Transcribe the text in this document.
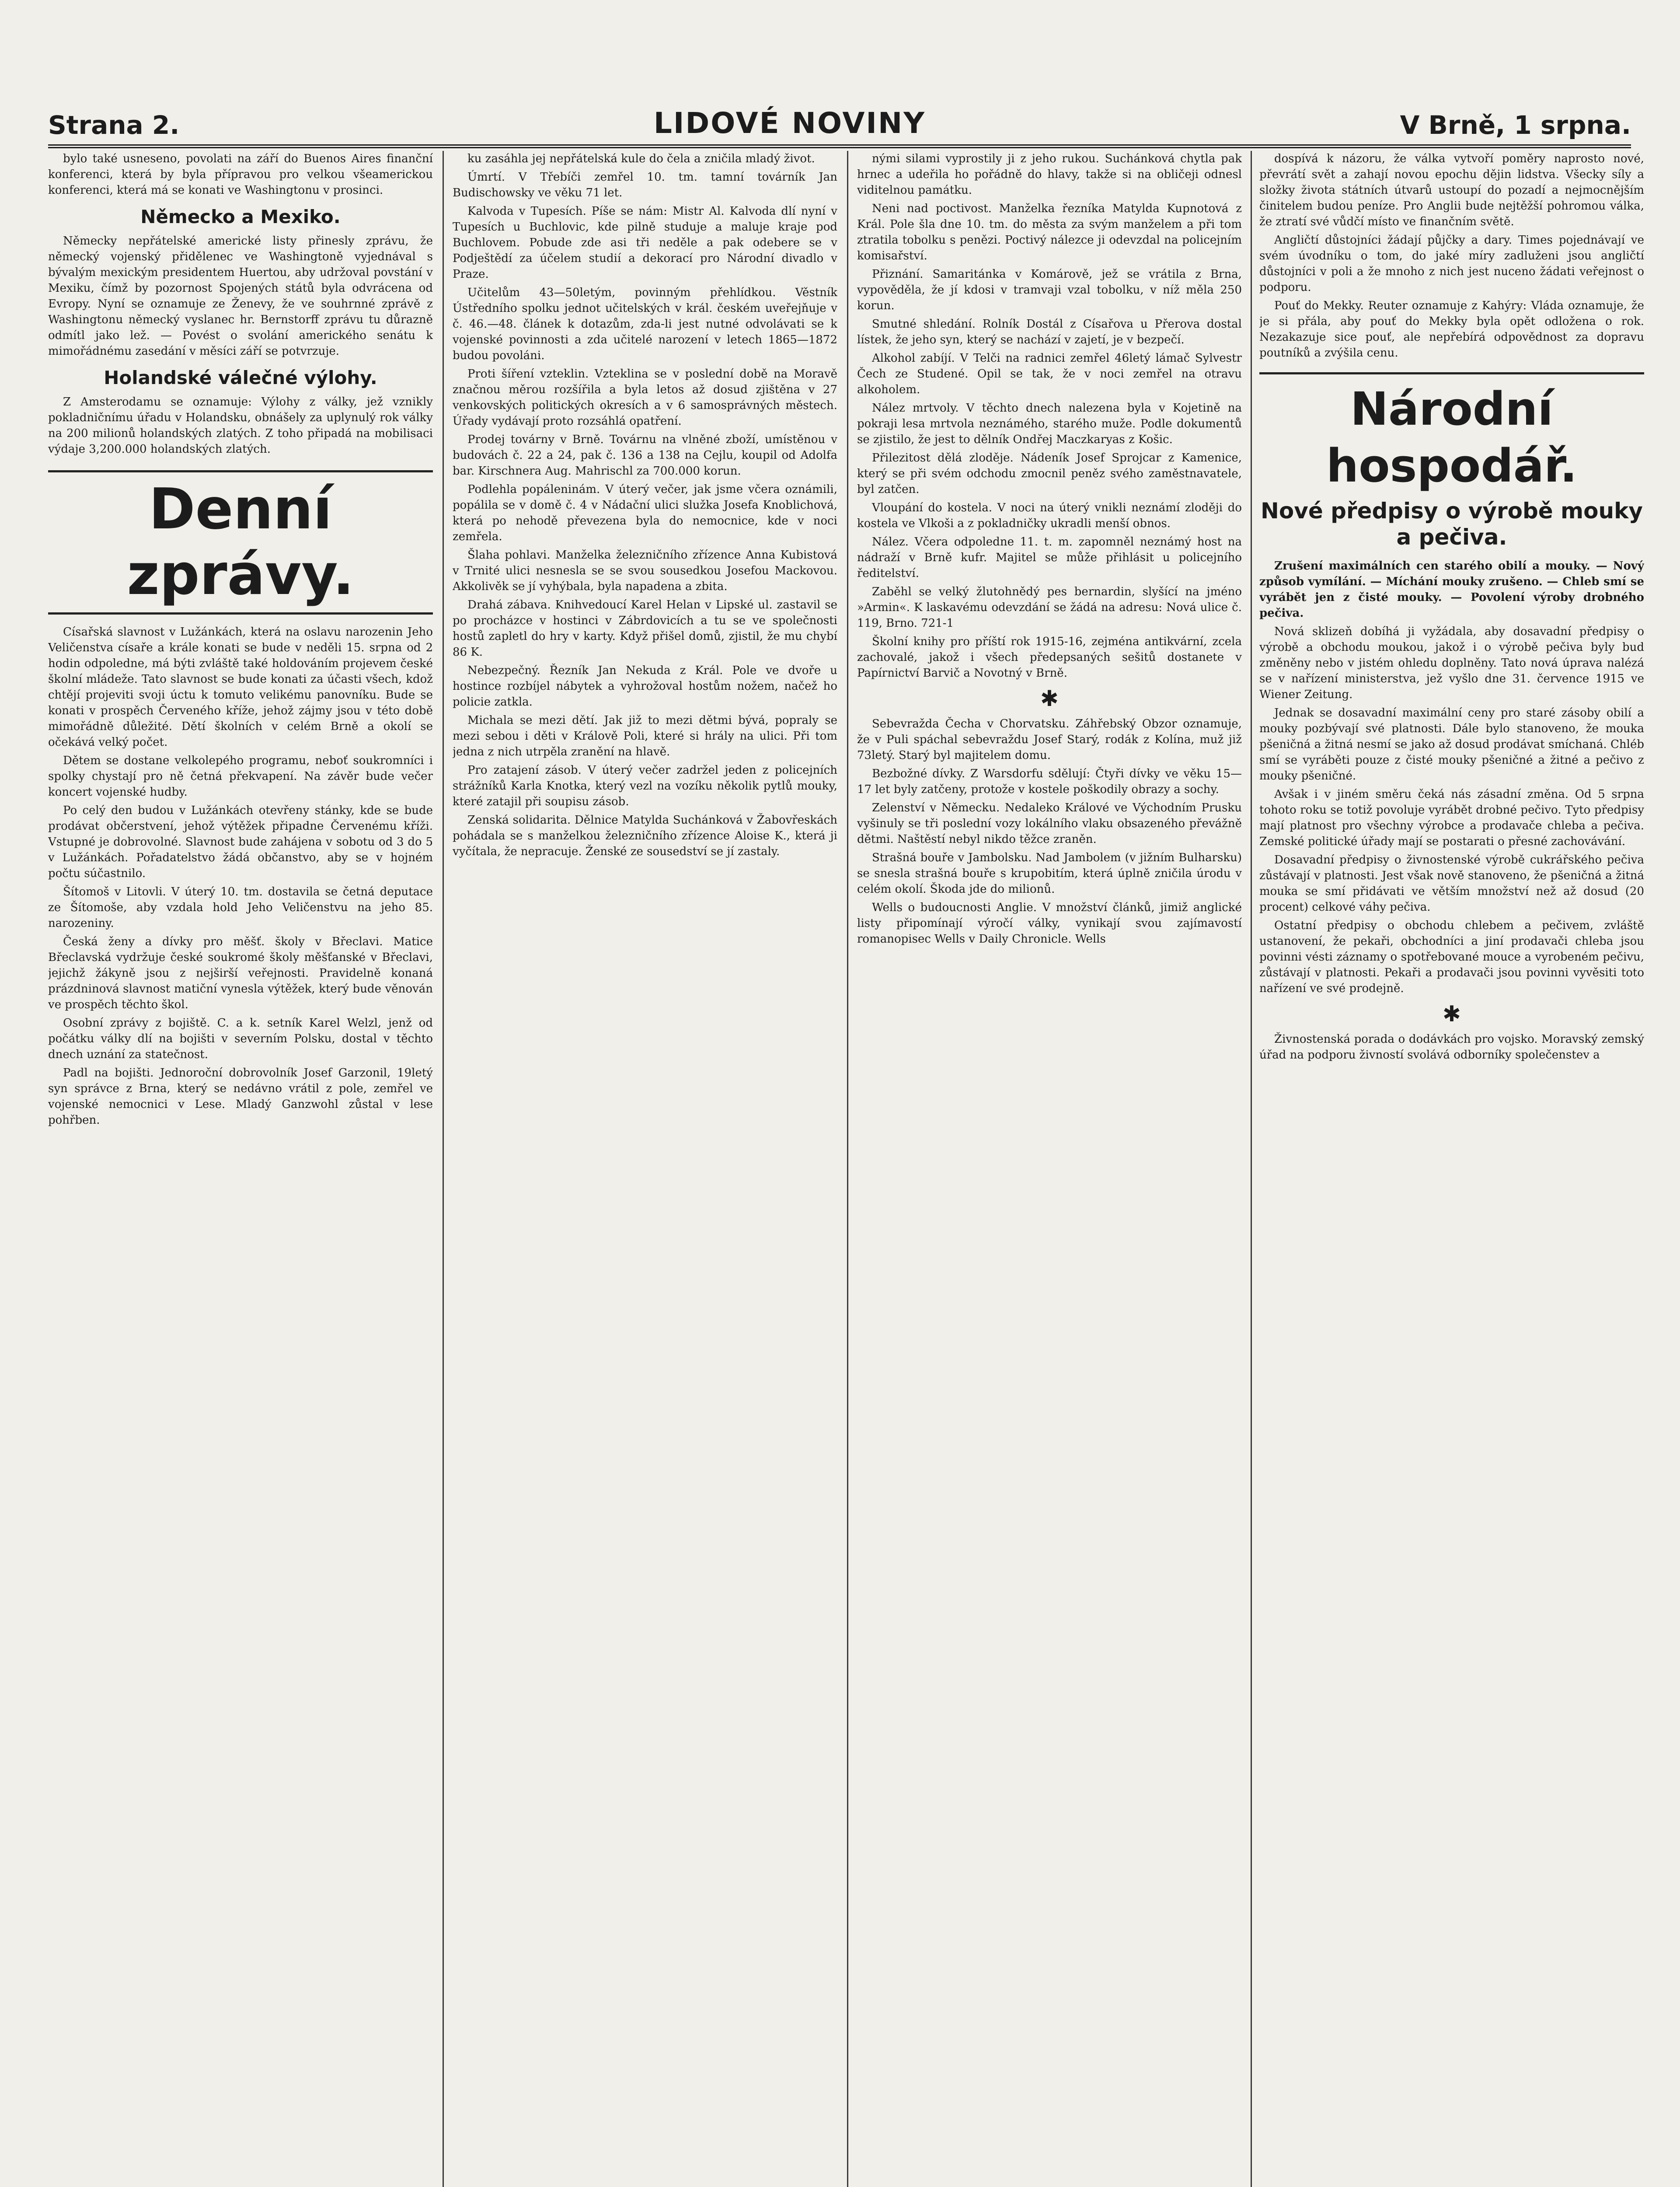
Strana 2.	LIDOVÉ NOVINY	V Brně, 1 srpna.

bylo také usneseno, povolati na září do Buenos Aires finanční konferenci, která by byla přípravou pro velkou všeamerickou konferenci, která má se konati ve Washingtonu v prosinci.

Německo a Mexiko.

Německy nepřátelské americké listy přinesly zprávu, že německý vojenský přidělenec ve Washingtoně vyjednával s bývalým mexickým presidentem Huertou, aby udržoval povstání v Mexiku, čímž by pozornost Spojených států byla odvrácena od Evropy. Nyní se oznamuje ze Ženevy, že ve souhrnné zprávě z Washingtonu německý vyslanec hr. Bernstorff zprávu tu důrazně odmítl jako lež. — Povést o svolání amerického senátu k mimořádnému zasedání v měsíci září se potvrzuje.

Holandské válečné výlohy.

Z Amsterodamu se oznamuje: Výlohy z války, jež vznikly pokladničnímu úřadu v Holandsku, obnášely za uplynulý rok války na 200 milionů holandských zlatých. Z toho připadá na mobilisaci výdaje 3,200.000 holandských zlatých.

Denní zprávy.

Císařská slavnost v Lužánkách, která na oslavu narozenin Jeho Veličenstva císaře a krále konati se bude v neděli 15. srpna od 2 hodin odpoledne, má býti zvláště také holdováním projevem české školní mládeže. Tato slavnost se bude konati za účasti všech, kdož chtějí projeviti svoji úctu k tomuto velikému panovníku. Bude se konati v prospěch Červeného kříže, jehož zájmy jsou v této době mimořádně důležité. Dětí školních v celém Brně a okolí se očekává velký počet.

Dětem se dostane velkolepého programu, neboť soukromníci i spolky chystají pro ně četná překvapení. Na závěr bude večer koncert vojenské hudby.

Po celý den budou v Lužánkách otevřeny stánky, kde se bude prodávat občerstvení, jehož výtěžek připadne Červenému kříži. Vstupné je dobrovolné. Slavnost bude zahájena v sobotu od 3 do 5 v Lužánkách. Pořadatelstvo žádá občanstvo, aby se v hojném počtu súčastnilo.

Šítomoš v Litovli. V úterý 10. tm. dostavila se četná deputace ze Šítomoše, aby vzdala hold Jeho Veličenstvu na jeho 85. narozeniny.

Česká ženy a dívky pro měšť. školy v Břeclavi. Matice Břeclavská vydržuje české soukromé školy měšťanské v Břeclavi, jejichž žákyně jsou z nejširší veřejnosti. Pravidelně konaná prázdninová slavnost matiční vynesla výtěžek, který bude věnován ve prospěch těchto škol.

Osobní zprávy z bojiště. C. a k. setník Karel Welzl, jenž od počátku války dlí na bojišti v severním Polsku, dostal v těchto dnech uznání za statečnost.

Padl na bojišti. Jednoroční dobrovolník Josef Garzonil, 19letý syn správce z Brna, který se nedávno vrátil z pole, zemřel ve vojenské nemocnici v Lese. Mladý Ganzwohl zůstal v lese pohřben.

ku zasáhla jej nepřátelská kule do čela a zničila mladý život.

Úmrtí. V Třebíči zemřel 10. tm. tamní továrník Jan Budischowsky ve věku 71 let.

Kalvoda v Tupesích. Píše se nám: Mistr Al. Kalvoda dlí nyní v Tupesích u Buchlovic, kde pilně studuje a maluje kraje pod Buchlovem. Pobude zde asi tři neděle a pak odebere se v Podještědí za účelem studií a dekorací pro Národní divadlo v Praze.

Učitelům 43—50letým, povinným přehlídkou. Věstník Ústředního spolku jednot učitelských v král. českém uveřejňuje v č. 46.—48. článek k dotazům, zda-li jest nutné odvolávati se k vojenské povinnosti a zda učitelé narození v letech 1865—1872 budou povoláni.

Proti šíření vzteklin. Vzteklina se v poslední době na Moravě značnou měrou rozšířila a byla letos až dosud zjištěna v 27 venkovských politických okresích a v 6 samosprávných městech. Úřady vydávají proto rozsáhlá opatření.

Prodej továrny v Brně. Továrnu na vlněné zboží, umístěnou v budovách č. 22 a 24, pak č. 136 a 138 na Cejlu, koupil od Adolfa bar. Kirschnera Aug. Mahrischl za 700.000 korun.

Podlehla popáleninám. V úterý večer, jak jsme včera oznámili, popálila se v domě č. 4 v Nádační ulici služka Josefa Knoblichová, která po nehodě převezena byla do nemocnice, kde v noci zemřela.

Šlaha pohlavi. Manželka železničního zřízence Anna Kubistová v Trnité ulici nesnesla se se svou sousedkou Josefou Mackovou. Akkolivěk se jí vyhýbala, byla napadena a zbita.

Drahá zábava. Knihvedoucí Karel Helan v Lipské ul. zastavil se po procházce v hostinci v Zábrdovicích a tu se ve společnosti hostů zapletl do hry v karty. Když přišel domů, zjistil, že mu chybí 86 K.

Nebezpečný. Řezník Jan Nekuda z Král. Pole ve dvoře u hostince rozbíjel nábytek a vyhrožoval hostům nožem, načež ho policie zatkla.

Michala se mezi dětí. Jak již to mezi dětmi bývá, popraly se mezi sebou i děti v Králově Poli, které si hrály na ulici. Při tom jedna z nich utrpěla zranění na hlavě.

Pro zatajení zásob. V úterý večer zadržel jeden z policejních strážníků Karla Knotka, který vezl na vozíku několik pytlů mouky, které zatajil při soupisu zásob.

Zenská solidarita. Dělnice Matylda Suchánková v Žabovřeskách pohádala se s manželkou železničního zřízence Aloise K., která ji vyčítala, že nepracuje. Ženské ze sousedství se jí zastaly.

nými silami vyprostily ji z jeho rukou. Suchánková chytla pak hrnec a udeřila ho pořádně do hlavy, takže si na obličeji odnesl viditelnou památku.

Neni nad poctivost. Manželka řezníka Matylda Kupnotová z Král. Pole šla dne 10. tm. do města za svým manželem a při tom ztratila tobolku s penězi. Poctivý nálezce ji odevzdal na policejním komisařství.

Přiznání. Samaritánka v Komárově, jež se vrátila z Brna, vypověděla, že jí kdosi v tramvaji vzal tobolku, v níž měla 250 korun.

Smutné shledání. Rolník Dostál z Císařova u Přerova dostal lístek, že jeho syn, který se nachází v zajetí, je v bezpečí.

Alkohol zabíjí. V Telči na radnici zemřel 46letý lámač Sylvestr Čech ze Studené. Opil se tak, že v noci zemřel na otravu alkoholem.

Nález mrtvoly. V těchto dnech nalezena byla v Kojetině na pokraji lesa mrtvola neznámého, starého muže. Podle dokumentů se zjistilo, že jest to dělník Ondřej Maczkaryas z Košic.

Přilezitost dělá zloděje. Nádeník Josef Sprojcar z Kamenice, který se při svém odchodu zmocnil peněz svého zaměstnavatele, byl zatčen.

Vloupání do kostela. V noci na úterý vnikli neznámí zloději do kostela ve Vlkoši a z pokladničky ukradli menší obnos.

Nález. Včera odpoledne 11. t. m. zapomněl neznámý host na nádraží v Brně kufr. Majitel se může přihlásit u policejního ředitelství.

Zaběhl se velký žlutohnědý pes bernardin, slyšící na jméno »Armin«. K laskavému odevzdání se žádá na adresu: Nová ulice č. 119, Brno. 721-1

Školní knihy pro příští rok 1915-16, zejména antikvární, zcela zachovalé, jakož i všech předepsaných sešitů dostanete v Papírnictví Barvič a Novotný v Brně.

✱

Sebevražda Čecha v Chorvatsku. Záhřebský Obzor oznamuje, že v Puli spáchal sebevraždu Josef Starý, rodák z Kolína, muž již 73letý. Starý byl majitelem domu.

Bezbožné dívky. Z Warsdorfu sdělují: Čtyři dívky ve věku 15—17 let byly zatčeny, protože v kostele poškodily obrazy a sochy.

Zelenství v Německu. Nedaleko Králové ve Východním Prusku vyšinuly se tři poslední vozy lokálního vlaku obsazeného převážně dětmi. Naštěstí nebyl nikdo těžce zraněn.

Strašná bouře v Jambolsku. Nad Jambolem (v jižním Bulharsku) se snesla strašná bouře s krupobitím, která úplně zničila úrodu v celém okolí. Škoda jde do milionů.

Wells o budoucnosti Anglie. V množství článků, jimiž anglické listy připomínají výročí války, vynikají svou zajímavostí romanopisec Wells v Daily Chronicle. Wells

dospívá k názoru, že válka vytvoří poměry naprosto nové, převrátí svět a zahají novou epochu dějin lidstva. Všecky síly a složky života státních útvarů ustoupí do pozadí a nejmocnějším činitelem budou peníze. Pro Anglii bude nejtěžší pohromou válka, že ztratí své vůdčí místo ve finančním světě.

Angličtí důstojníci žádají půjčky a dary. Times pojednávají ve svém úvodníku o tom, do jaké míry zadluženi jsou angličtí důstojníci v poli a že mnoho z nich jest nuceno žádati veřejnost o podporu.

Pouť do Mekky. Reuter oznamuje z Kahýry: Vláda oznamuje, že je si přála, aby pouť do Mekky byla opět odložena o rok. Nezakazuje sice pouť, ale nepřebírá odpovědnost za dopravu poutníků a zvýšila cenu.

Národní hospodář.
Nové předpisy o výrobě mouky a pečiva.

Zrušení maximálních cen starého obilí a mouky. — Nový způsob vymílání. — Míchání mouky zrušeno. — Chleb smí se vyrábět jen z čisté mouky. — Povolení výroby drobného pečiva.

Nová sklizeň dobíhá ji vyžádala, aby dosavadní předpisy o výrobě a obchodu moukou, jakož i o výrobě pečiva byly bud změněny nebo v jistém ohledu doplněny. Tato nová úprava nalézá se v nařízení ministerstva, jež vyšlo dne 31. července 1915 ve Wiener Zeitung.

Jednak se dosavadní maximální ceny pro staré zásoby obilí a mouky pozbývají své platnosti. Dále bylo stanoveno, že mouka pšeničná a žitná nesmí se jako až dosud prodávat smíchaná. Chléb smí se vyráběti pouze z čisté mouky pšeničné a žitné a pečivo z mouky pšeničné.

Avšak i v jiném směru čeká nás zásadní změna. Od 5 srpna tohoto roku se totiž povoluje vyrábět drobné pečivo. Tyto předpisy mají platnost pro všechny výrobce a prodavače chleba a pečiva. Zemské politické úřady mají se postarati o přesné zachovávání.

Dosavadní předpisy o živnostenské výrobě cukrářského pečiva zůstávají v platnosti. Jest však nově stanoveno, že pšeničná a žitná mouka se smí přidávati ve větším množství než až dosud (20 procent) celkové váhy pečiva.

Ostatní předpisy o obchodu chlebem a pečivem, zvláště ustanovení, že pekaři, obchodníci a jiní prodavači chleba jsou povinni vésti záznamy o spotřebované mouce a vyrobeném pečivu, zůstávají v platnosti. Pekaři a prodavači jsou povinni vyvěsiti toto nařízení ve své prodejně.

✱

Živnostenská porada o dodávkách pro vojsko. Moravský zemský úřad na podporu živností svolává odborníky společenstev a
